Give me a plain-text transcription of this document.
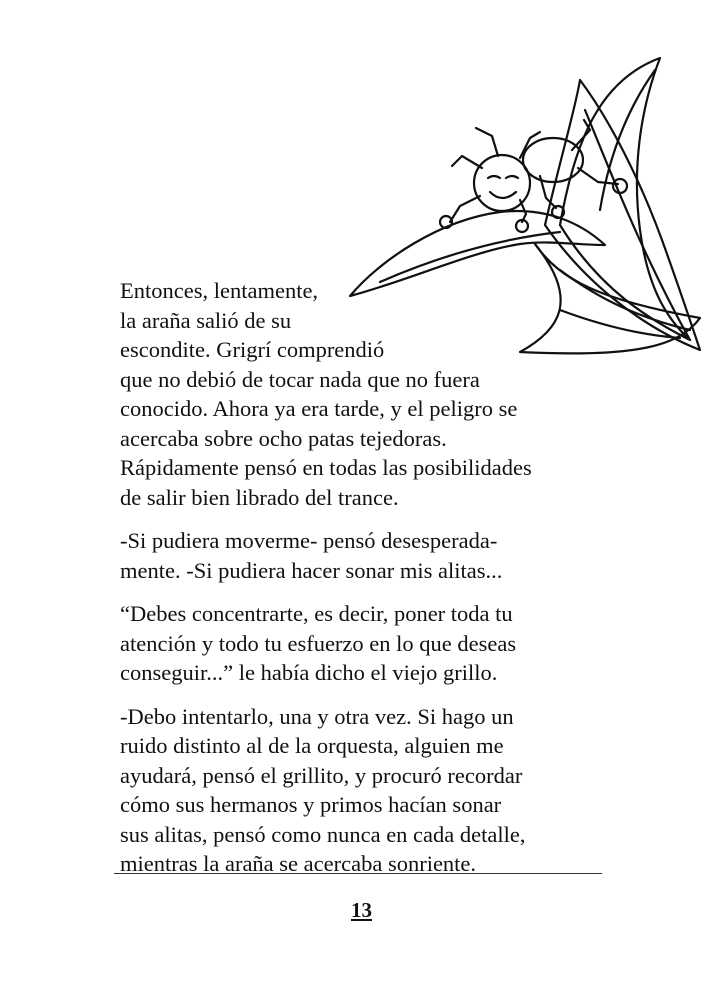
Entonces, lentamente,
la araña salió de su
escondite. Grigrí comprendió
que no debió de tocar nada que no fuera
conocido. Ahora ya era tarde, y el peligro se
acercaba sobre ocho patas tejedoras.
Rápidamente pensó en todas las posibilidades
de salir bien librado del trance.
-Si pudiera moverme- pensó desesperada-
mente. -Si pudiera hacer sonar mis alitas...
“Debes concentrarte, es decir, poner toda tu
atención y todo tu esfuerzo en lo que deseas
conseguir...” le había dicho el viejo grillo.
-Debo intentarlo, una y otra vez. Si hago un
ruido distinto al de la orquesta, alguien me
ayudará, pensó el grillito, y procuró recordar
cómo sus hermanos y primos hacían sonar
sus alitas, pensó como nunca en cada detalle,
mientras la araña se acercaba sonriente.
13
